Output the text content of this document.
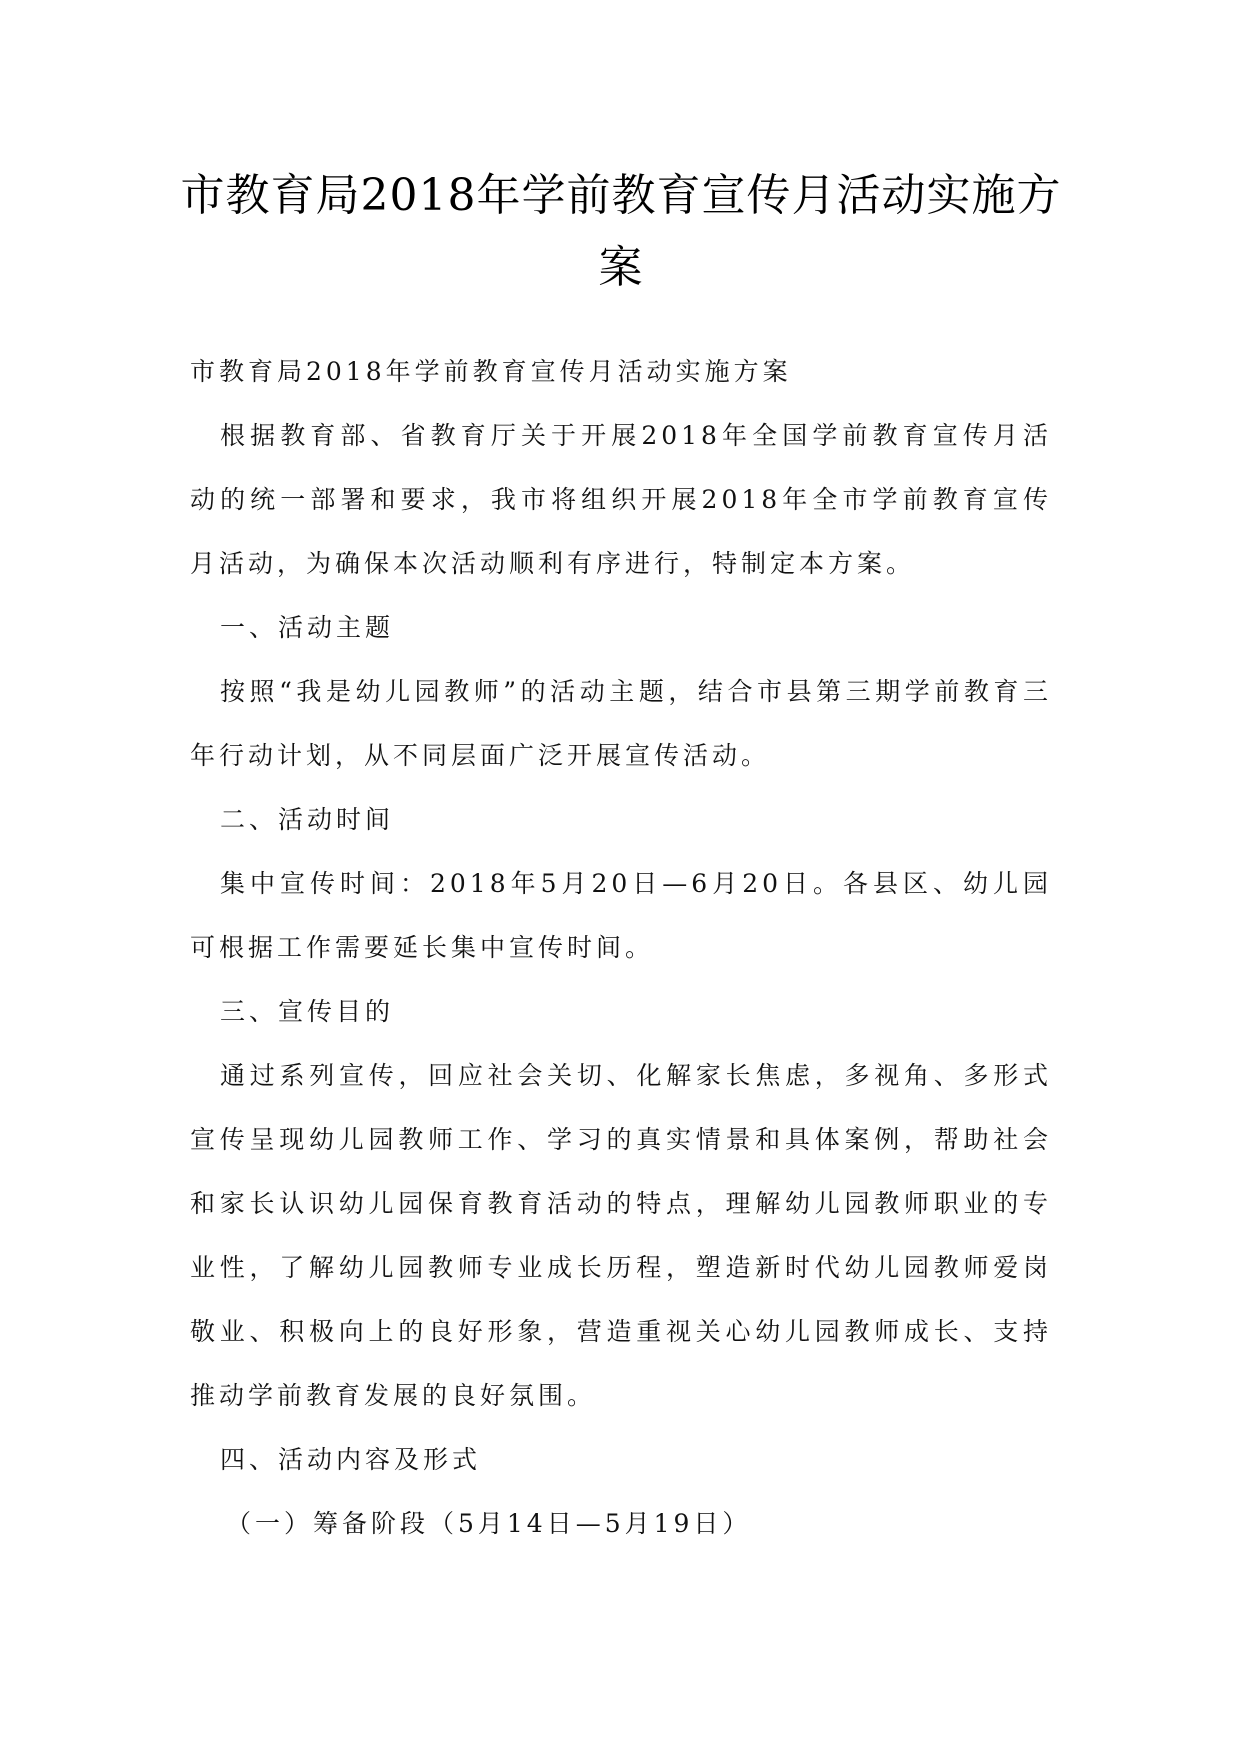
市教育局2018年学前教育宣传月活动实施方案

市教育局2018年学前教育宣传月活动实施方案

根据教育部、省教育厅关于开展2018年全国学前教育宣传月活动的统一部署和要求，我市将组织开展2018年全市学前教育宣传月活动，为确保本次活动顺利有序进行，特制定本方案。

一、活动主题

按照“我是幼儿园教师”的活动主题，结合市县第三期学前教育三年行动计划，从不同层面广泛开展宣传活动。

二、活动时间

集中宣传时间：2018年5月20日—6月20日。各县区、幼儿园可根据工作需要延长集中宣传时间。

三、宣传目的

通过系列宣传，回应社会关切、化解家长焦虑，多视角、多形式宣传呈现幼儿园教师工作、学习的真实情景和具体案例，帮助社会和家长认识幼儿园保育教育活动的特点，理解幼儿园教师职业的专业性，了解幼儿园教师专业成长历程，塑造新时代幼儿园教师爱岗敬业、积极向上的良好形象，营造重视关心幼儿园教师成长、支持推动学前教育发展的良好氛围。

四、活动内容及形式

（一）筹备阶段（5月14日—5月19日）
